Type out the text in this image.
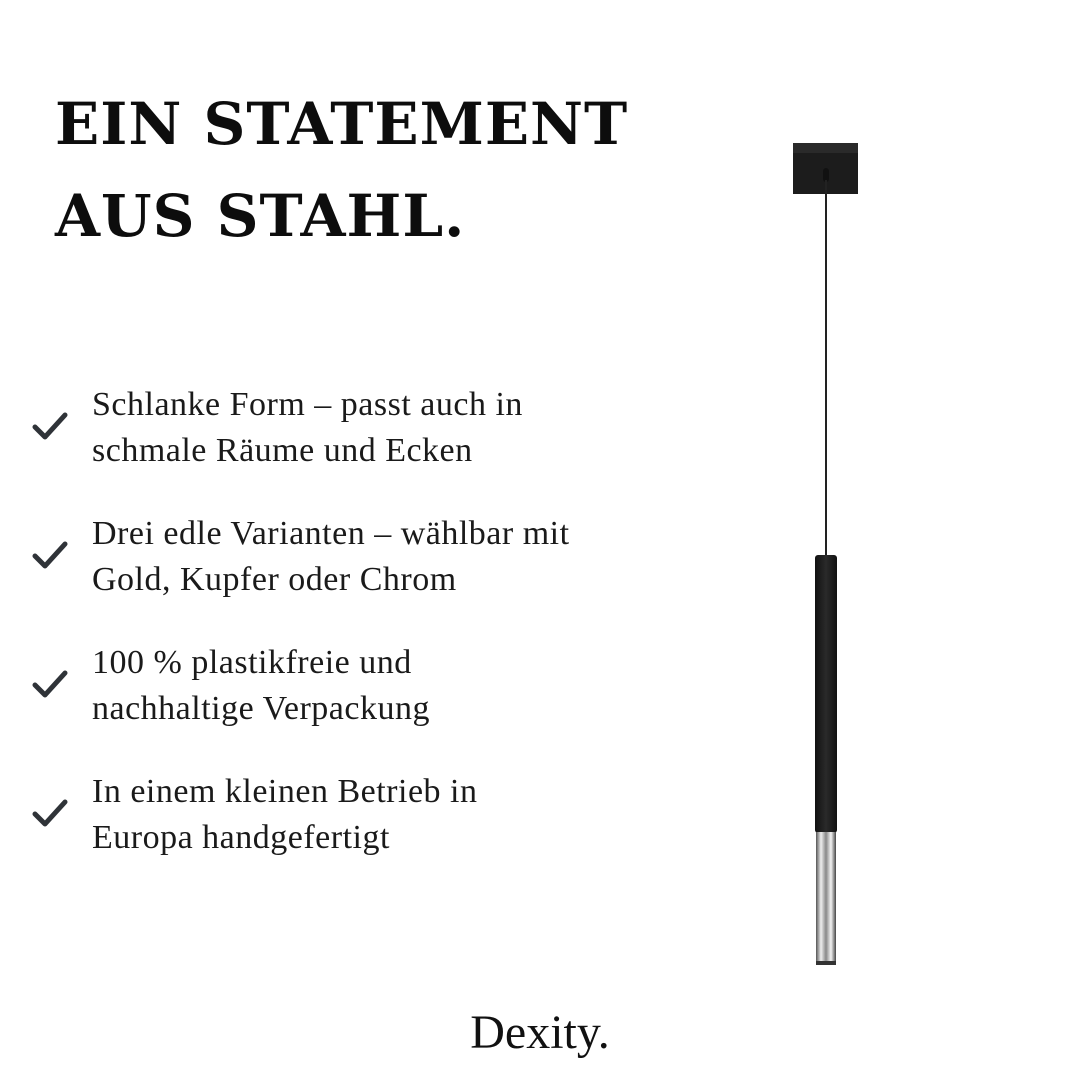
EIN STATEMENT
AUS STAHL.
Schlanke Form – passt auch in
schmale Räume und Ecken
Drei edle Varianten – wählbar mit
Gold, Kupfer oder Chrom
100 % plastikfreie und
nachhaltige Verpackung
In einem kleinen Betrieb in
Europa handgefertigt
Dexity.
